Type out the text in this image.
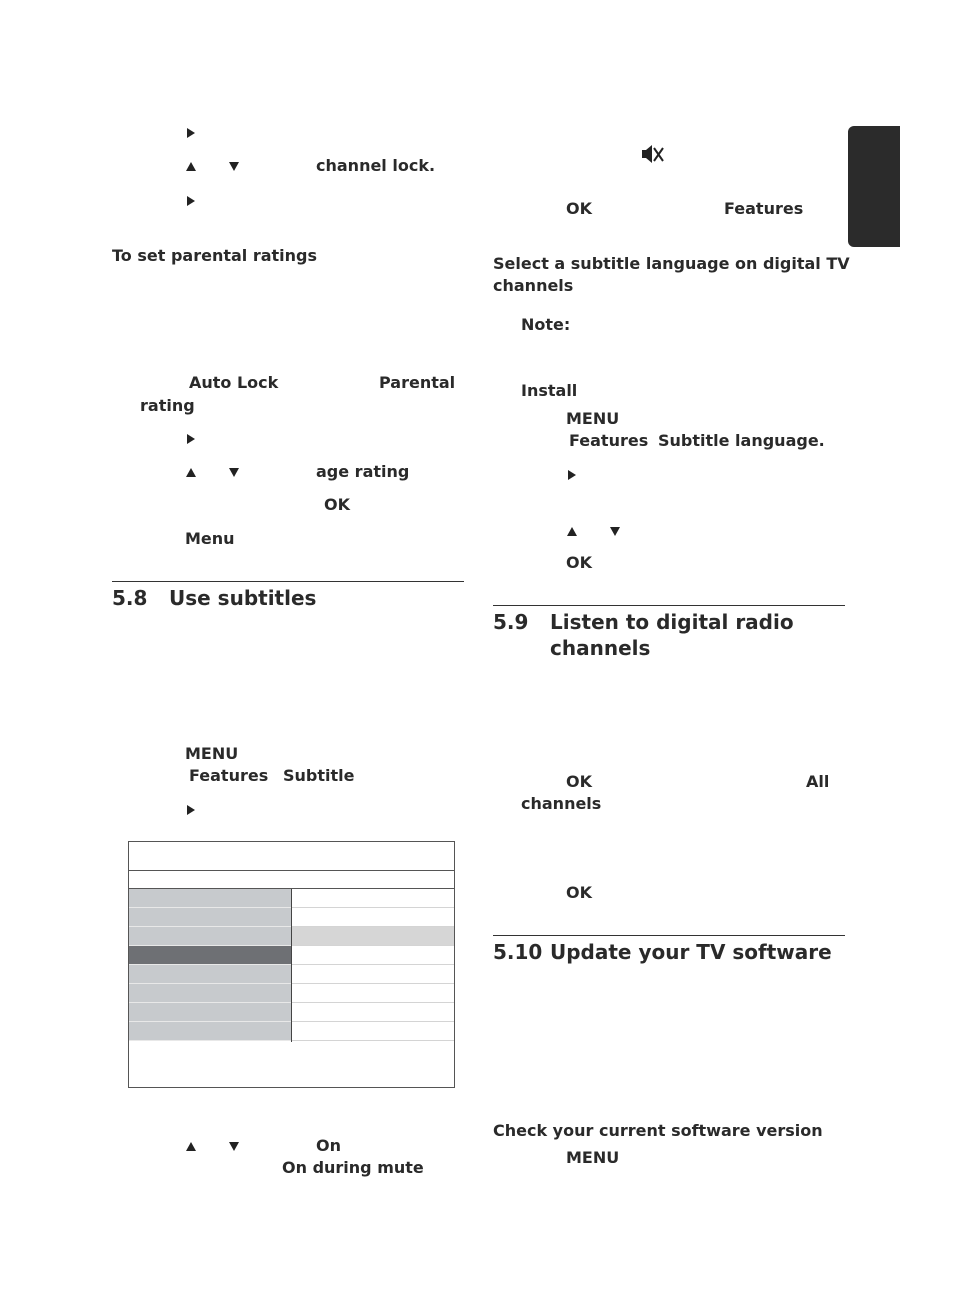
channel lock.
To set parental ratings
Auto Lock	Parental
rating
age rating
OK
Menu
5.8 Use subtitles
MENU
Features Subtitle
On
On during mute
OK	Features
Select a subtitle language on digital TV
channels
Note:
Install
MENU
Features Subtitle language.
OK
5.9 Listen to digital radio
channels
OK	All
channels
OK
5.10 Update your TV software
Check your current software version
MENU
